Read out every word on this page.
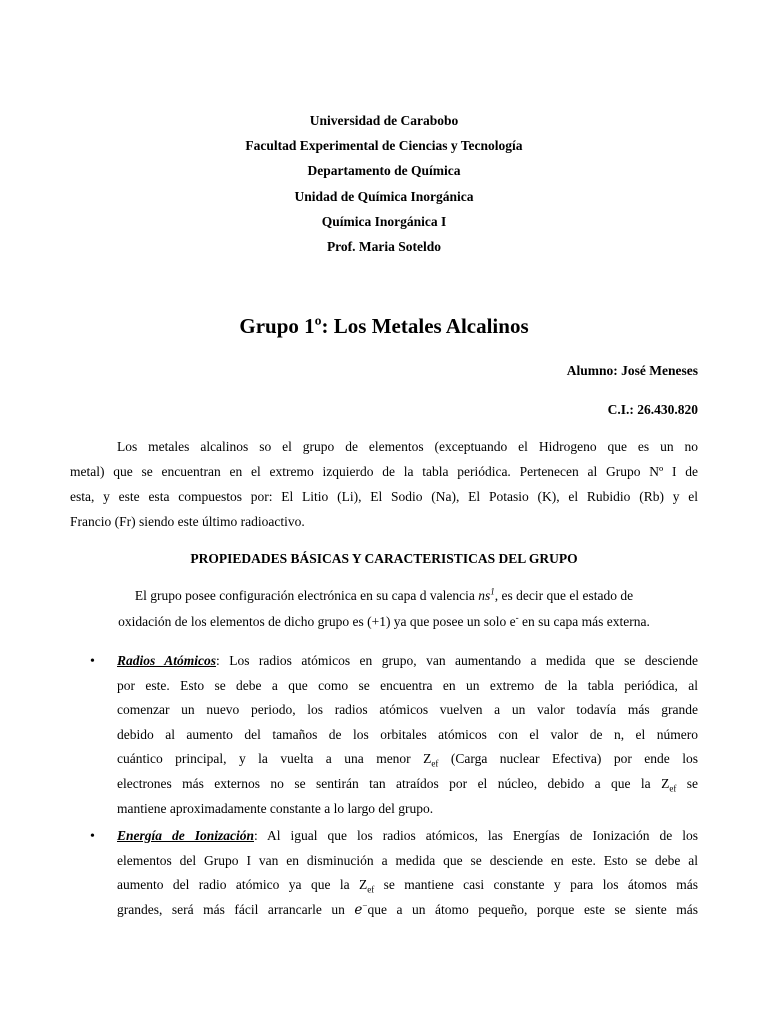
Universidad de Carabobo
Facultad Experimental de Ciencias y Tecnología
Departamento de Química
Unidad de Química Inorgánica
Química Inorgánica I
Prof. Maria Soteldo
Grupo 1º: Los Metales Alcalinos
Alumno: José Meneses
C.I.: 26.430.820
Los metales alcalinos so el grupo de elementos (exceptuando el Hidrogeno que es un no
metal) que se encuentran en el extremo izquierdo de la tabla periódica. Pertenecen al Grupo Nº I de
esta, y este esta compuestos por: El Litio (Li), El Sodio (Na), El Potasio (K), el Rubidio (Rb) y el
Francio (Fr) siendo este último radioactivo.
PROPIEDADES BÁSICAS Y CARACTERISTICAS DEL GRUPO
El grupo posee configuración electrónica en su capa d valencia $ns^1$, es decir que el estado de
oxidación de los elementos de dicho grupo es (+1) ya que posee un solo e- en su capa más externa.
• Radios Atómicos: Los radios atómicos en grupo, van aumentando a medida que se desciende
por este. Esto se debe a que como se encuentra en un extremo de la tabla periódica, al
comenzar un nuevo periodo, los radios atómicos vuelven a un valor todavía más grande
debido al aumento del tamaños de los orbitales atómicos con el valor de n, el número
cuántico principal, y la vuelta a una menor $Z_{ef}$ (Carga nuclear Efectiva) por ende los
electrones más externos no se sentirán tan atraídos por el núcleo, debido a que la $Z_{ef}$ se
mantiene aproximadamente constante a lo largo del grupo.
• Energía de Ionización: Al igual que los radios atómicos, las Energías de Ionización de los
elementos del Grupo I van en disminución a medida que se desciende en este. Esto se debe al
aumento del radio atómico ya que la $Z_{ef}$ se mantiene casi constante y para los átomos más
grandes, será más fácil arrancarle un e−que a un átomo pequeño, porque este se siente más
